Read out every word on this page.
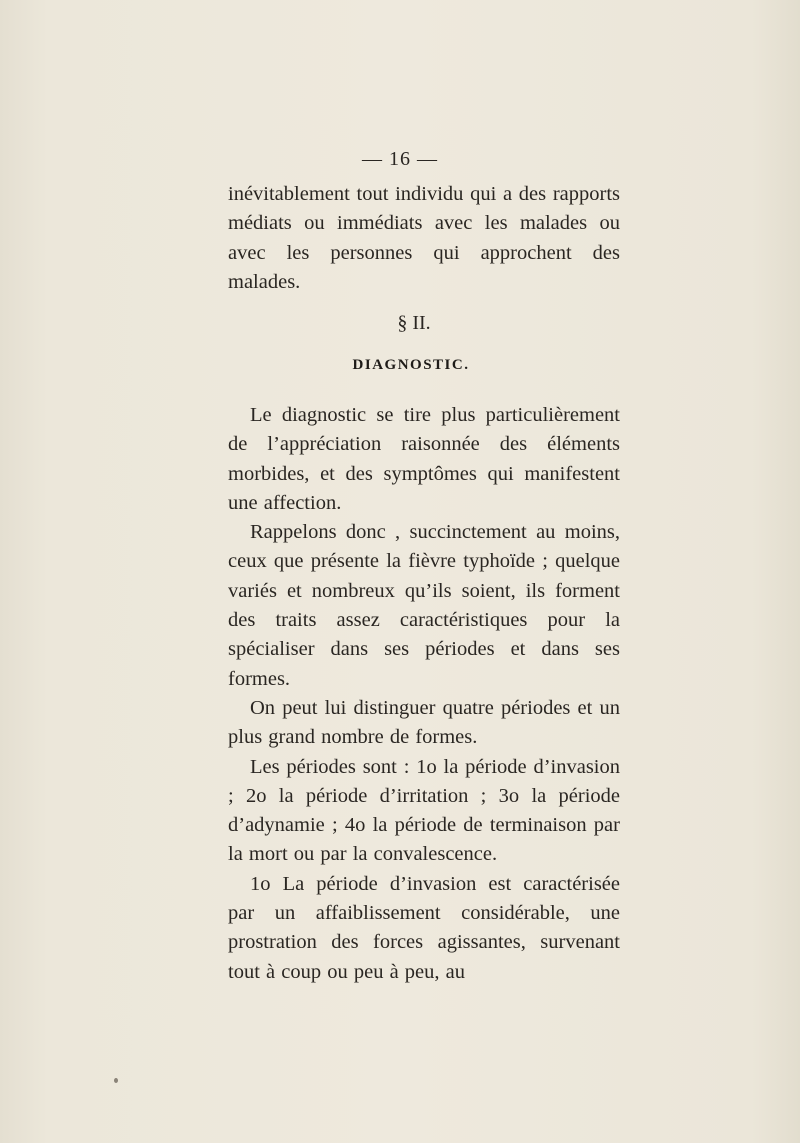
— 16 —

inévitablement tout individu qui a des rapports médiats ou immédiats avec les malades ou avec les personnes qui approchent des malades.

§ II.
DIAGNOSTIC.

Le diagnostic se tire plus particulièrement de l’appréciation raisonnée des éléments morbides, et des symptômes qui manifestent une affection.

Rappelons donc , succinctement au moins, ceux que présente la fièvre typhoïde ; quelque variés et nombreux qu’ils soient, ils forment des traits assez caractéristiques pour la spécialiser dans ses périodes et dans ses formes.

On peut lui distinguer quatre périodes et un plus grand nombre de formes.

Les périodes sont : 1o la période d’invasion ; 2o la période d’irritation ; 3o la période d’adynamie ; 4o la période de terminaison par la mort ou par la convalescence.

1o La période d’invasion est caractérisée par un affaiblissement considérable, une prostration des forces agissantes, survenant tout à coup ou peu à peu, au
